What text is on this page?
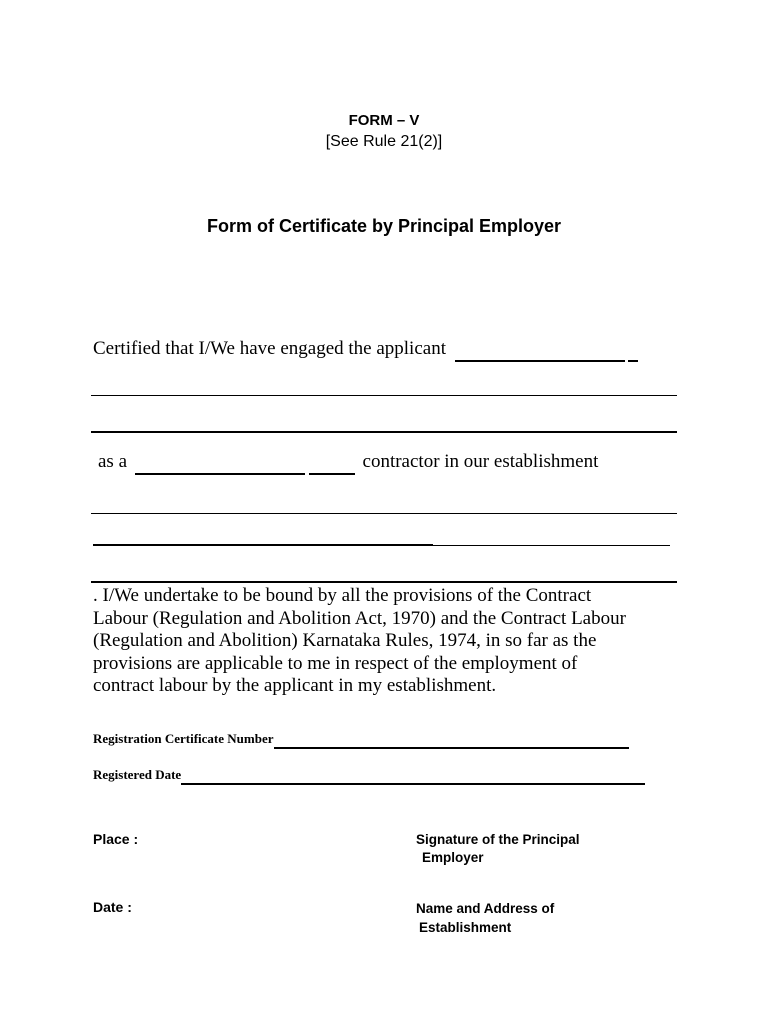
FORM – V
[See Rule 21(2)]
Form of Certificate by Principal Employer
Certified that I/We have engaged the applicant
as a	contractor in our establishment
. I/We undertake to be bound by all the provisions of the Contract
Labour (Regulation and Abolition Act, 1970) and the Contract Labour
(Regulation and Abolition) Karnataka Rules, 1974, in so far as the
provisions are applicable to me in respect of the employment of
contract labour by the applicant in my establishment.
Registration Certificate Number
Registered Date
Place :	Signature of the Principal
Employer
Date :	Name and Address of
Establishment
